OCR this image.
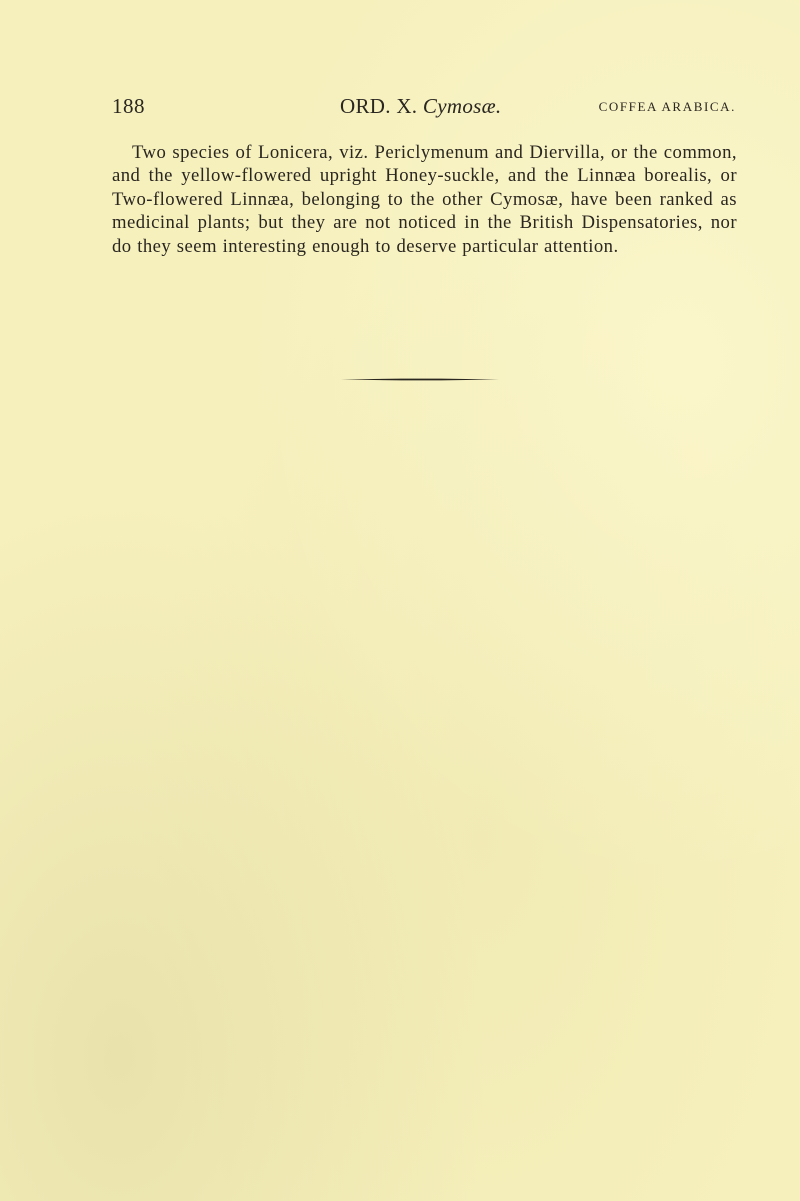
188	ORD. X. Cymosæ.	COFFEA ARABICA.

Two species of Lonicera, viz. Periclymenum and Diervilla, or the common, and the yellow-flowered upright Honey-suckle, and the Linnæa borealis, or Two-flowered Linnæa, belonging to the other Cymosæ, have been ranked as medicinal plants; but they are not noticed in the British Dispensatories, nor do they seem interesting enough to deserve particular attention.
